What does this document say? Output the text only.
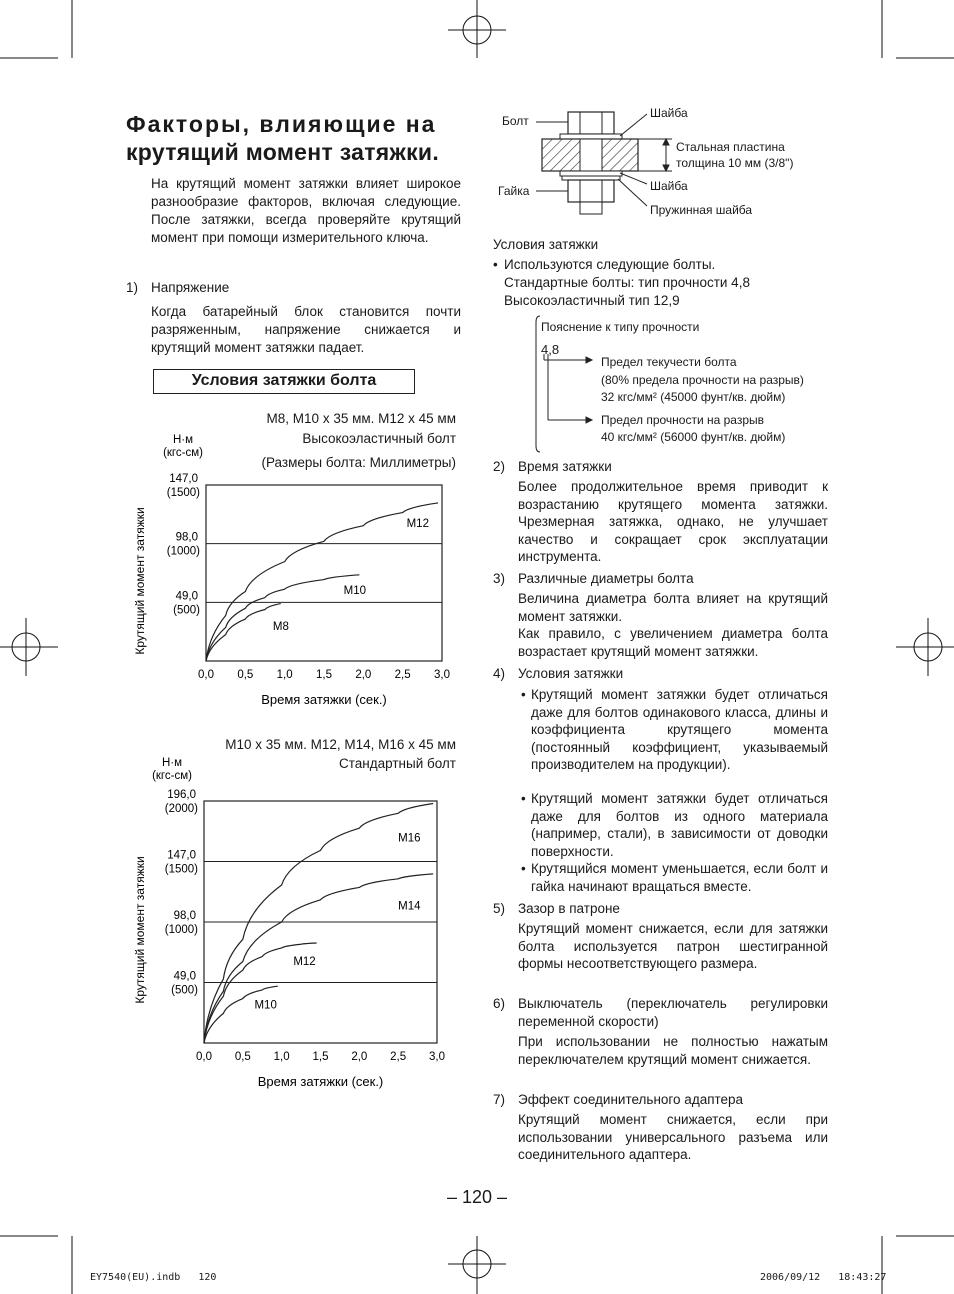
Факторы, влияющие на
крутящий момент затяжки.
На крутящий момент затяжки влияет широкое разнообразие факторов, включая следующие. После затяжки, всегда проверяйте крутящий момент при помощи измерительного ключа.
1) Напряжение
Когда батарейный блок становится почти разряженным, напряжение снижается и крутящий момент затяжки падает.
Условия затяжки болта
M8, M10 x 35 мм. M12 x 45 мм
Высокоэластичный болт
(Размеры болта: Миллиметры)
Н·м
(кгс-см)
147,0
(1500)
98,0
(1000)
49,0
(500)
0,0 0,5 1,0 1,5 2,0 2,5 3,0
Крутящий момент затяжки
Время затяжки (сек.)
M12
M10
M8
M10 x 35 мм. M12, M14, M16 x 45 мм
Стандартный болт
Н·м
(кгс-см)
196,0
(2000)
147,0
(1500)
98,0
(1000)
49,0
(500)
0,0 0,5 1,0 1,5 2,0 2,5 3,0
Крутящий момент затяжки
Время затяжки (сек.)
M16
M14
M12
M10
Болт
Гайка
Шайба
Стальная пластина
толщина 10 мм (3/8")
Шайба
Пружинная шайба
Условия затяжки
• Используются следующие болты.
Стандартные болты: тип прочности 4,8
Высокоэластичный тип 12,9
Пояснение к типу прочности
4,8
Предел текучести болта
(80% предела прочности на разрыв)
32 кгс/мм² (45000 фунт/кв. дюйм)
Предел прочности на разрыв
40 кгс/мм² (56000 фунт/кв. дюйм)
2) Время затяжки
Более продолжительное время приводит к возрастанию крутящего момента затяжки. Чрезмерная затяжка, однако, не улучшает качество и сокращает срок эксплуатации инструмента.
3) Различные диаметры болта
Величина диаметра болта влияет на крутящий момент затяжки.
Как правило, с увеличением диаметра болта возрастает крутящий момент затяжки.
4) Условия затяжки
• Крутящий момент затяжки будет отличаться даже для болтов одинакового класса, длины и коэффициента крутящего момента (постоянный коэффициент, указываемый производителем на продукции).
• Крутящий момент затяжки будет отличаться даже для болтов из одного материала (например, стали), в зависимости от доводки поверхности.
• Крутящийся момент уменьшается, если болт и гайка начинают вращаться вместе.
5) Зазор в патроне
Крутящий момент снижается, если для затяжки болта используется патрон шестигранной формы несоответствующего размера.
6) Выключатель (переключатель регулировки переменной скорости)
При использовании не полностью нажатым переключателем крутящий момент снижается.
7) Эффект соединительного адаптера
Крутящий момент снижается, если при использовании универсального разъема или соединительного адаптера.
– 120 –
EY7540(EU).indb   120	2006/09/12   18:43:27
